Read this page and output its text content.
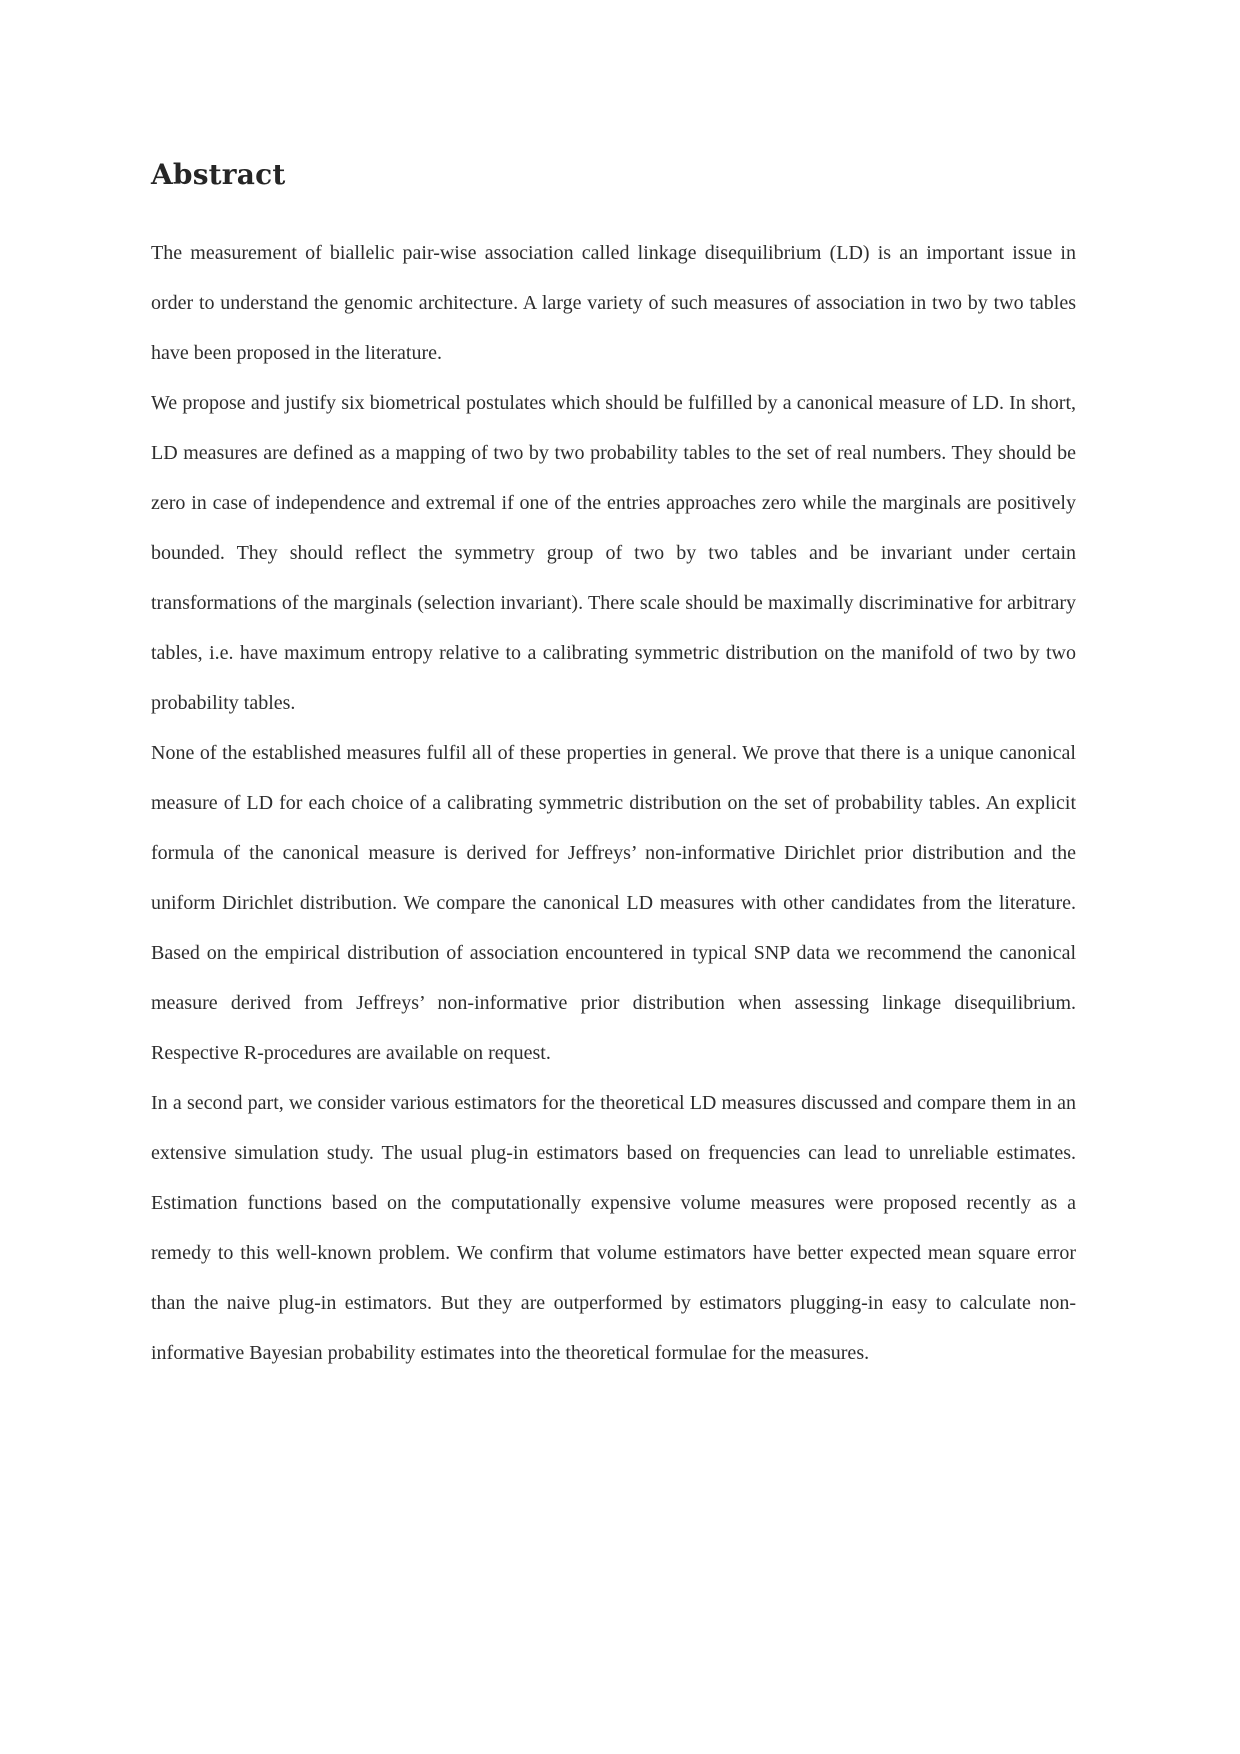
Abstract

The measurement of biallelic pair-wise association called linkage disequilibrium (LD) is an important issue in order to understand the genomic architecture. A large variety of such measures of association in two by two tables have been proposed in the literature.

We propose and justify six biometrical postulates which should be fulfilled by a canonical measure of LD. In short, LD measures are defined as a mapping of two by two probability tables to the set of real numbers. They should be zero in case of independence and extremal if one of the entries approaches zero while the marginals are positively bounded. They should reflect the symmetry group of two by two tables and be invariant under certain transformations of the marginals (selection invariant). There scale should be maximally discriminative for arbitrary tables, i.e. have maximum entropy relative to a calibrating symmetric distribution on the manifold of two by two probability tables.

None of the established measures fulfil all of these properties in general. We prove that there is a unique canonical measure of LD for each choice of a calibrating symmetric distribution on the set of probability tables. An explicit formula of the canonical measure is derived for Jeffreys’ non-informative Dirichlet prior distribution and the uniform Dirichlet distribution. We compare the canonical LD measures with other candidates from the literature. Based on the empirical distribution of association encountered in typical SNP data we recommend the canonical measure derived from Jeffreys’ non-informative prior distribution when assessing linkage disequilibrium. Respective R-procedures are available on request.

In a second part, we consider various estimators for the theoretical LD measures discussed and compare them in an extensive simulation study. The usual plug-in estimators based on frequencies can lead to unreliable estimates. Estimation functions based on the computationally expensive volume measures were proposed recently as a remedy to this well-known problem. We confirm that volume estimators have better expected mean square error than the naive plug-in estimators. But they are outperformed by estimators plugging-in easy to calculate non-informative Bayesian probability estimates into the theoretical formulae for the measures.
